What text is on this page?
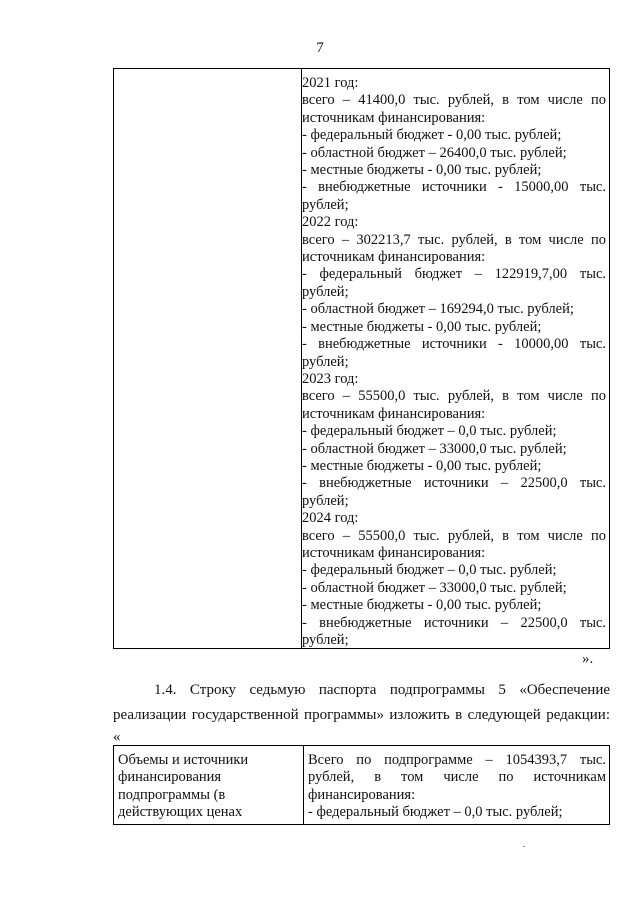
7
2021 год:
всего – 41400,0 тыс. рублей, в том числе по
источникам финансирования:
- федеральный бюджет - 0,00 тыс. рублей;
- областной бюджет – 26400,0 тыс. рублей;
- местные бюджеты - 0,00 тыс. рублей;
- внебюджетные источники - 15000,00 тыс.
рублей;
2022 год:
всего – 302213,7 тыс. рублей, в том числе по
источникам финансирования:
- федеральный бюджет – 122919,7,00 тыс.
рублей;
- областной бюджет – 169294,0 тыс. рублей;
- местные бюджеты - 0,00 тыс. рублей;
- внебюджетные источники - 10000,00 тыс.
рублей;
2023 год:
всего – 55500,0 тыс. рублей, в том числе по
источникам финансирования:
- федеральный бюджет – 0,0 тыс. рублей;
- областной бюджет – 33000,0 тыс. рублей;
- местные бюджеты - 0,00 тыс. рублей;
- внебюджетные источники – 22500,0 тыс.
рублей;
2024 год:
всего – 55500,0 тыс. рублей, в том числе по
источникам финансирования:
- федеральный бюджет – 0,0 тыс. рублей;
- областной бюджет – 33000,0 тыс. рублей;
- местные бюджеты - 0,00 тыс. рублей;
- внебюджетные источники – 22500,0 тыс.
рублей;
».
1.4. Строку седьмую паспорта подпрограммы 5 «Обеспечение
реализации государственной программы» изложить в следующей редакции:
«
Объемы и источники
финансирования
подпрограммы (в
действующих ценах
Всего по подпрограмме – 1054393,7 тыс.
рублей, в том числе по источникам
финансирования:
- федеральный бюджет – 0,0 тыс. рублей;
